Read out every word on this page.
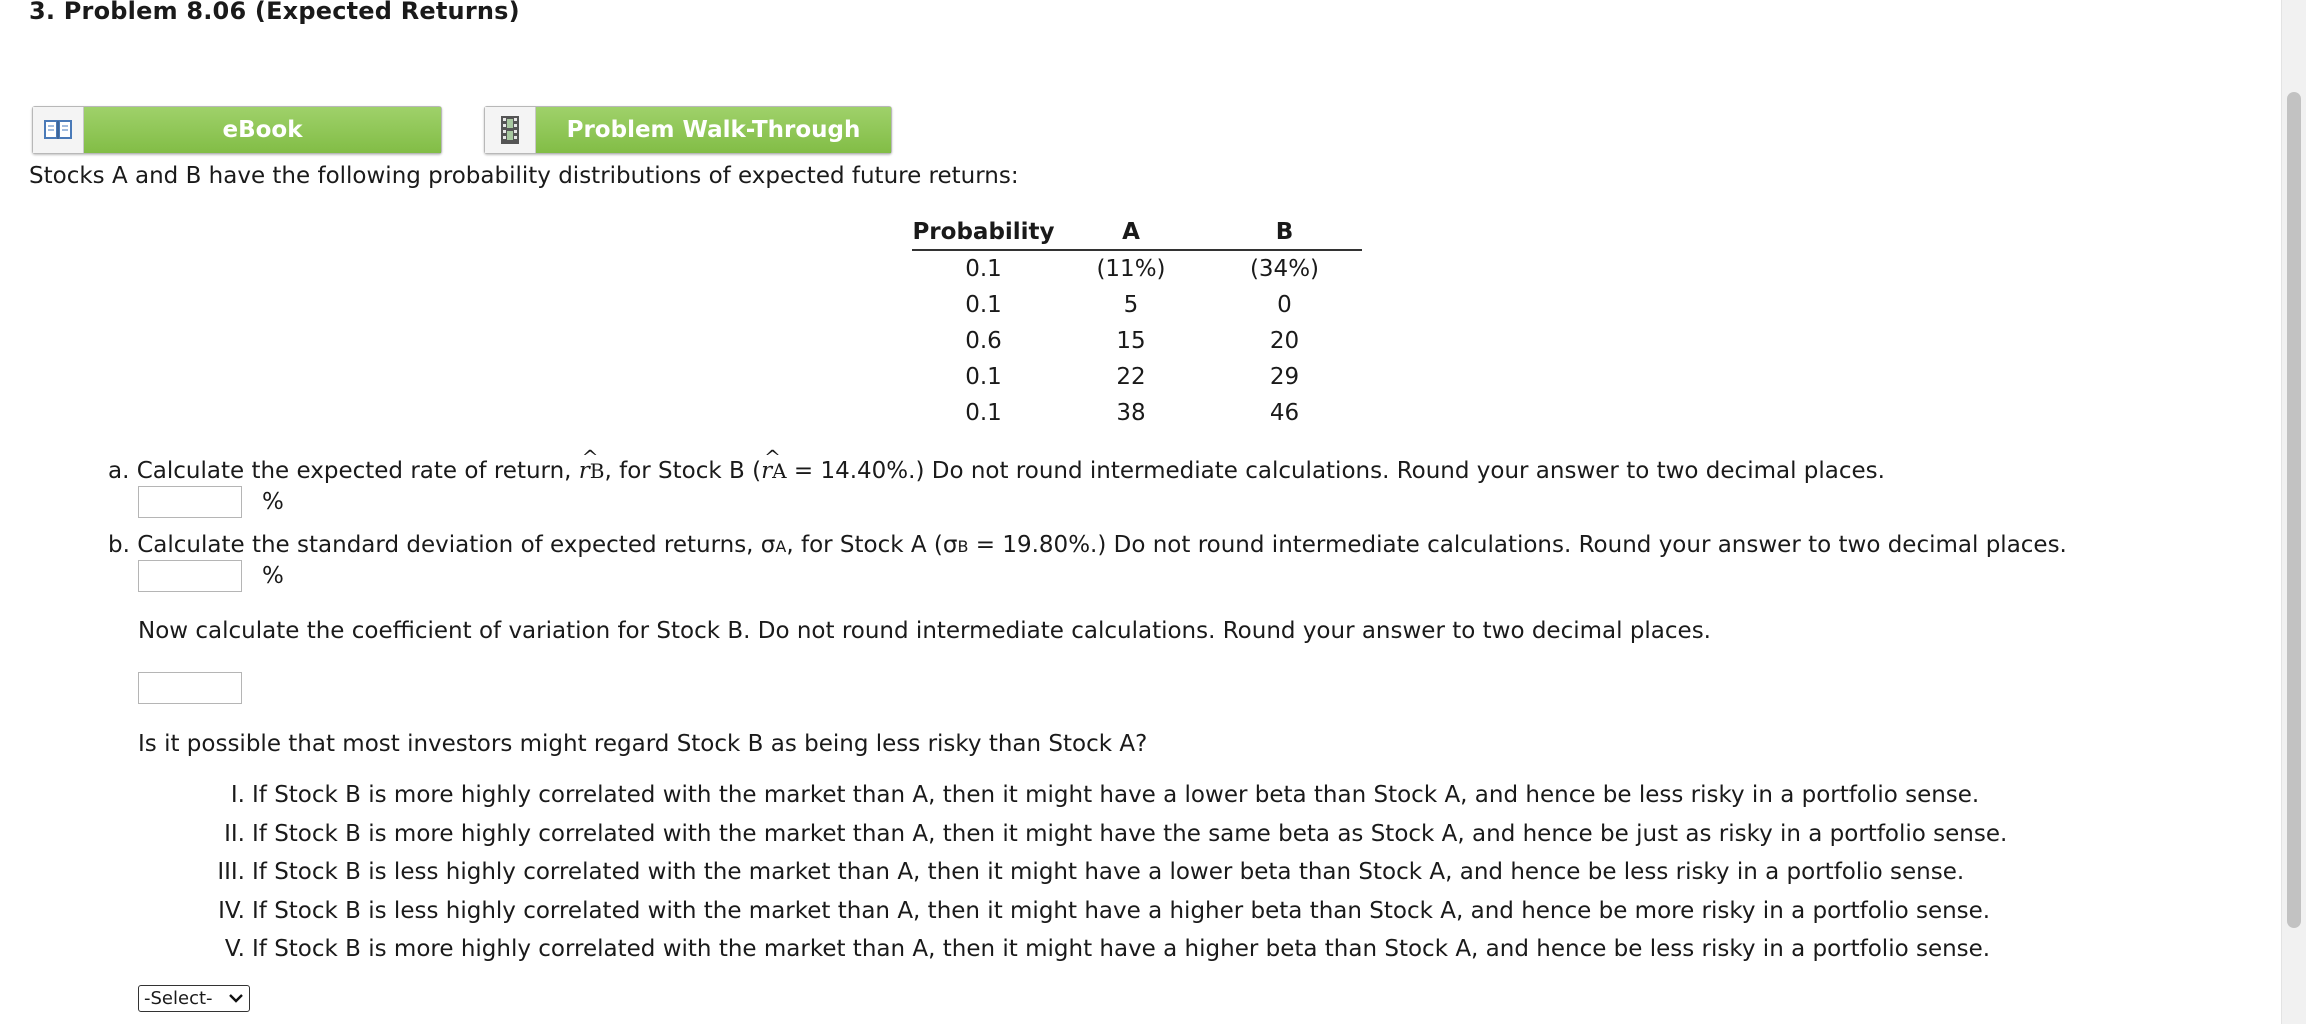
3. Problem 8.06 (Expected Returns)
eBook	Problem Walk-Through
Stocks A and B have the following probability distributions of expected future returns:
Probability	A	B
0.1	(11%)	(34%)
0.1	5	0
0.6	15	20
0.1	22	29
0.1	38	46
a. Calculate the expected rate of return, ^ rB, for Stock B (^ rA = 14.40%.) Do not round intermediate calculations. Round your answer to two decimal places.
%
b. Calculate the standard deviation of expected returns, σA, for Stock A (σB = 19.80%.) Do not round intermediate calculations. Round your answer to two decimal places.
%
Now calculate the coefficient of variation for Stock B. Do not round intermediate calculations. Round your answer to two decimal places.
Is it possible that most investors might regard Stock B as being less risky than Stock A?
I. If Stock B is more highly correlated with the market than A, then it might have a lower beta than Stock A, and hence be less risky in a portfolio sense.
II. If Stock B is more highly correlated with the market than A, then it might have the same beta as Stock A, and hence be just as risky in a portfolio sense.
III. If Stock B is less highly correlated with the market than A, then it might have a lower beta than Stock A, and hence be less risky in a portfolio sense.
IV. If Stock B is less highly correlated with the market than A, then it might have a higher beta than Stock A, and hence be more risky in a portfolio sense.
V. If Stock B is more highly correlated with the market than A, then it might have a higher beta than Stock A, and hence be less risky in a portfolio sense.
-Select-
